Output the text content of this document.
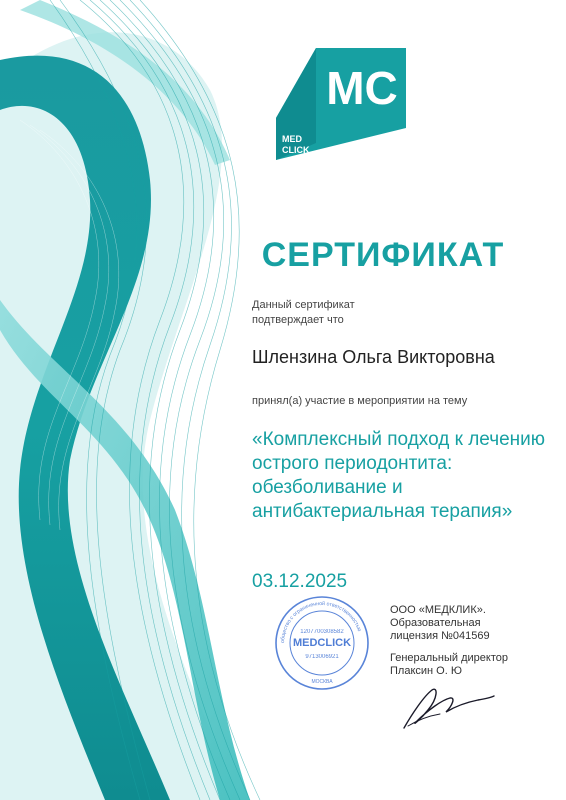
MC
MED
CLICK
СЕРТИФИКАТ
Данный сертификат
подтверждает что
Шлензина Ольга Викторовна
принял(а) участие в мероприятии на тему
«Комплексный подход к лечению острого периодонтита: обезболивание и антибактериальная терапия»
03.12.2025
ООО «МЕДКЛИК».
Образовательная
лицензия №041569
Генеральный директор
Плаксин О. Ю
общество с ограниченной ответственностью
1207700308582
MEDCLICK
9713006921
МОСКВА
